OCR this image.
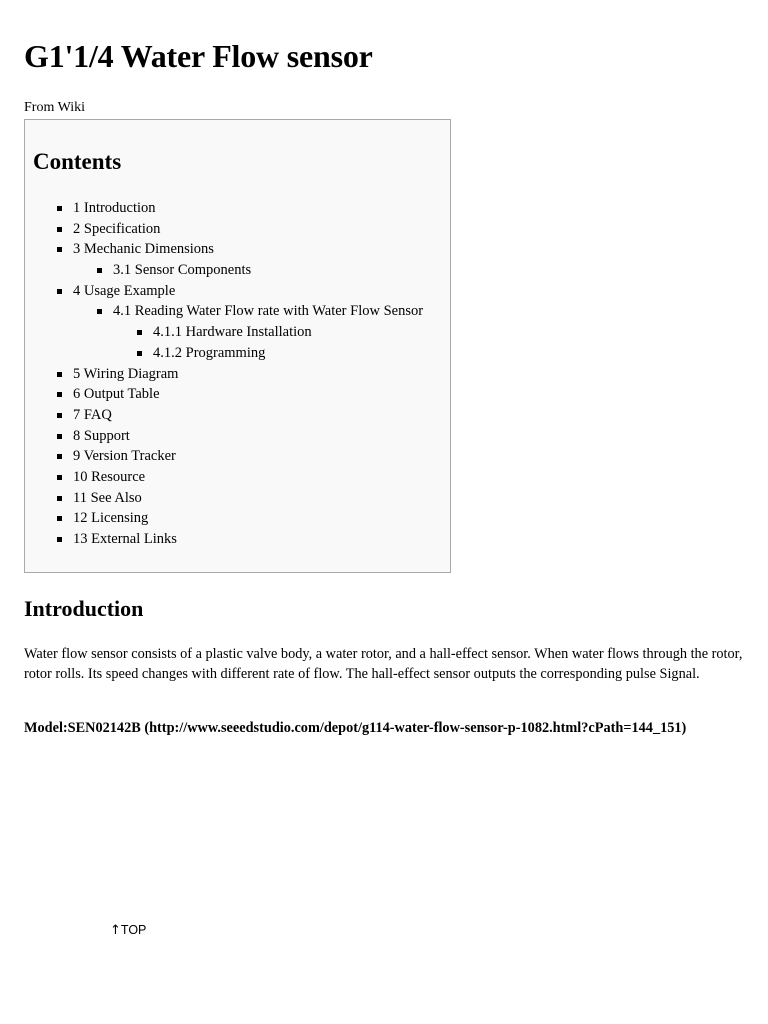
G1'1/4 Water Flow sensor
From Wiki
Contents
1 Introduction
2 Specification
3 Mechanic Dimensions
3.1 Sensor Components
4 Usage Example
4.1 Reading Water Flow rate with Water Flow Sensor
4.1.1 Hardware Installation
4.1.2 Programming
5 Wiring Diagram
6 Output Table
7 FAQ
8 Support
9 Version Tracker
10 Resource
11 See Also
12 Licensing
13 External Links
Introduction

Water flow sensor consists of a plastic valve body, a water rotor, and a hall-effect sensor. When water flows through the rotor, rotor rolls. Its speed changes with different rate of flow. The hall-effect sensor outputs the corresponding pulse Signal.

Model:SEN02142B (http://www.seeedstudio.com/depot/g114-water-flow-sensor-p-1082.html?cPath=144_151)

↑TOP
